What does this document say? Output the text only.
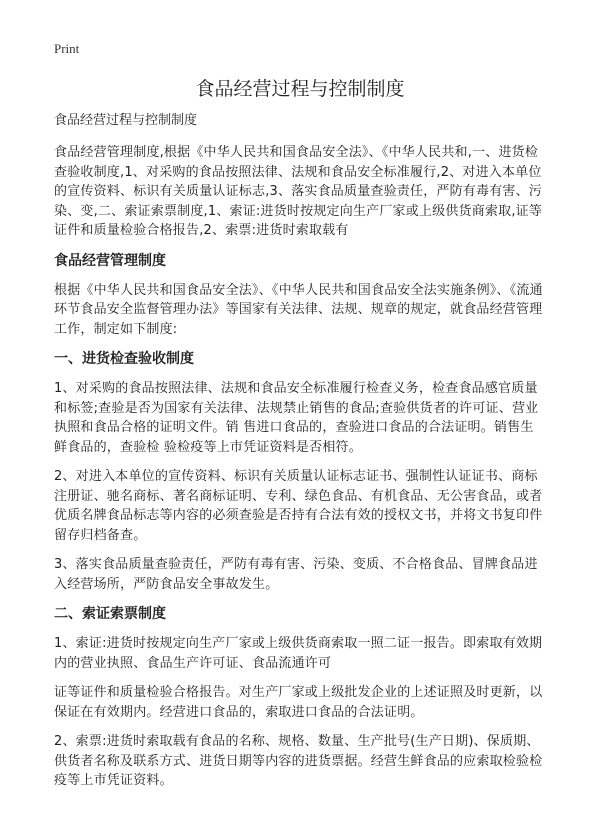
Print
食品经营过程与控制制度
食品经营过程与控制制度

食品经营管理制度,根据《中华人民共和国食品安全法》、《中华人民共和,一、进货检查验收制度,1、对采购的食品按照法律、法规和食品安全标准履行,2、对进入本单位的宣传资料、标识有关质量认证标志,3、落实食品质量查验责任，严防有毒有害、污染、变,二、索证索票制度,1、索证:进货时按规定向生产厂家或上级供货商索取,证等证件和质量检验合格报告,2、索票:进货时索取载有

食品经营管理制度

根据《中华人民共和国食品安全法》、《中华人民共和国食品安全法实施条例》、《流通环节食品安全监督管理办法》等国家有关法律、法规、规章的规定，就食品经营管理工作，制定如下制度:

一、进货检查验收制度

1、对采购的食品按照法律、法规和食品安全标准履行检查义务，检查食品感官质量和标签;查验是否为国家有关法律、法规禁止销售的食品;查验供货者的许可证、营业执照和食品合格的证明文件。销 售进口食品的，查验进口食品的合法证明。销售生鲜食品的，查验检 验检疫等上市凭证资料是否相符。

2、对进入本单位的宣传资料、标识有关质量认证标志证书、强制性认证证书、商标注册证、驰名商标、著名商标证明、专利、绿色食品、有机食品、无公害食品，或者优质名牌食品标志等内容的必须查验是否持有合法有效的授权文书，并将文书复印件留存归档备查。

3、落实食品质量查验责任，严防有毒有害、污染、变质、不合格食品、冒牌食品进入经营场所，严防食品安全事故发生。

二、索证索票制度

1、索证:进货时按规定向生产厂家或上级供货商索取一照二证一报告。即索取有效期内的营业执照、食品生产许可证、食品流通许可

证等证件和质量检验合格报告。对生产厂家或上级批发企业的上述证照及时更新，以保证在有效期内。经营进口食品的，索取进口食品的合法证明。

2、索票:进货时索取载有食品的名称、规格、数量、生产批号(生产日期)、保质期、供货者名称及联系方式、进货日期等内容的进货票据。经营生鲜食品的应索取检验检疫等上市凭证资料。
